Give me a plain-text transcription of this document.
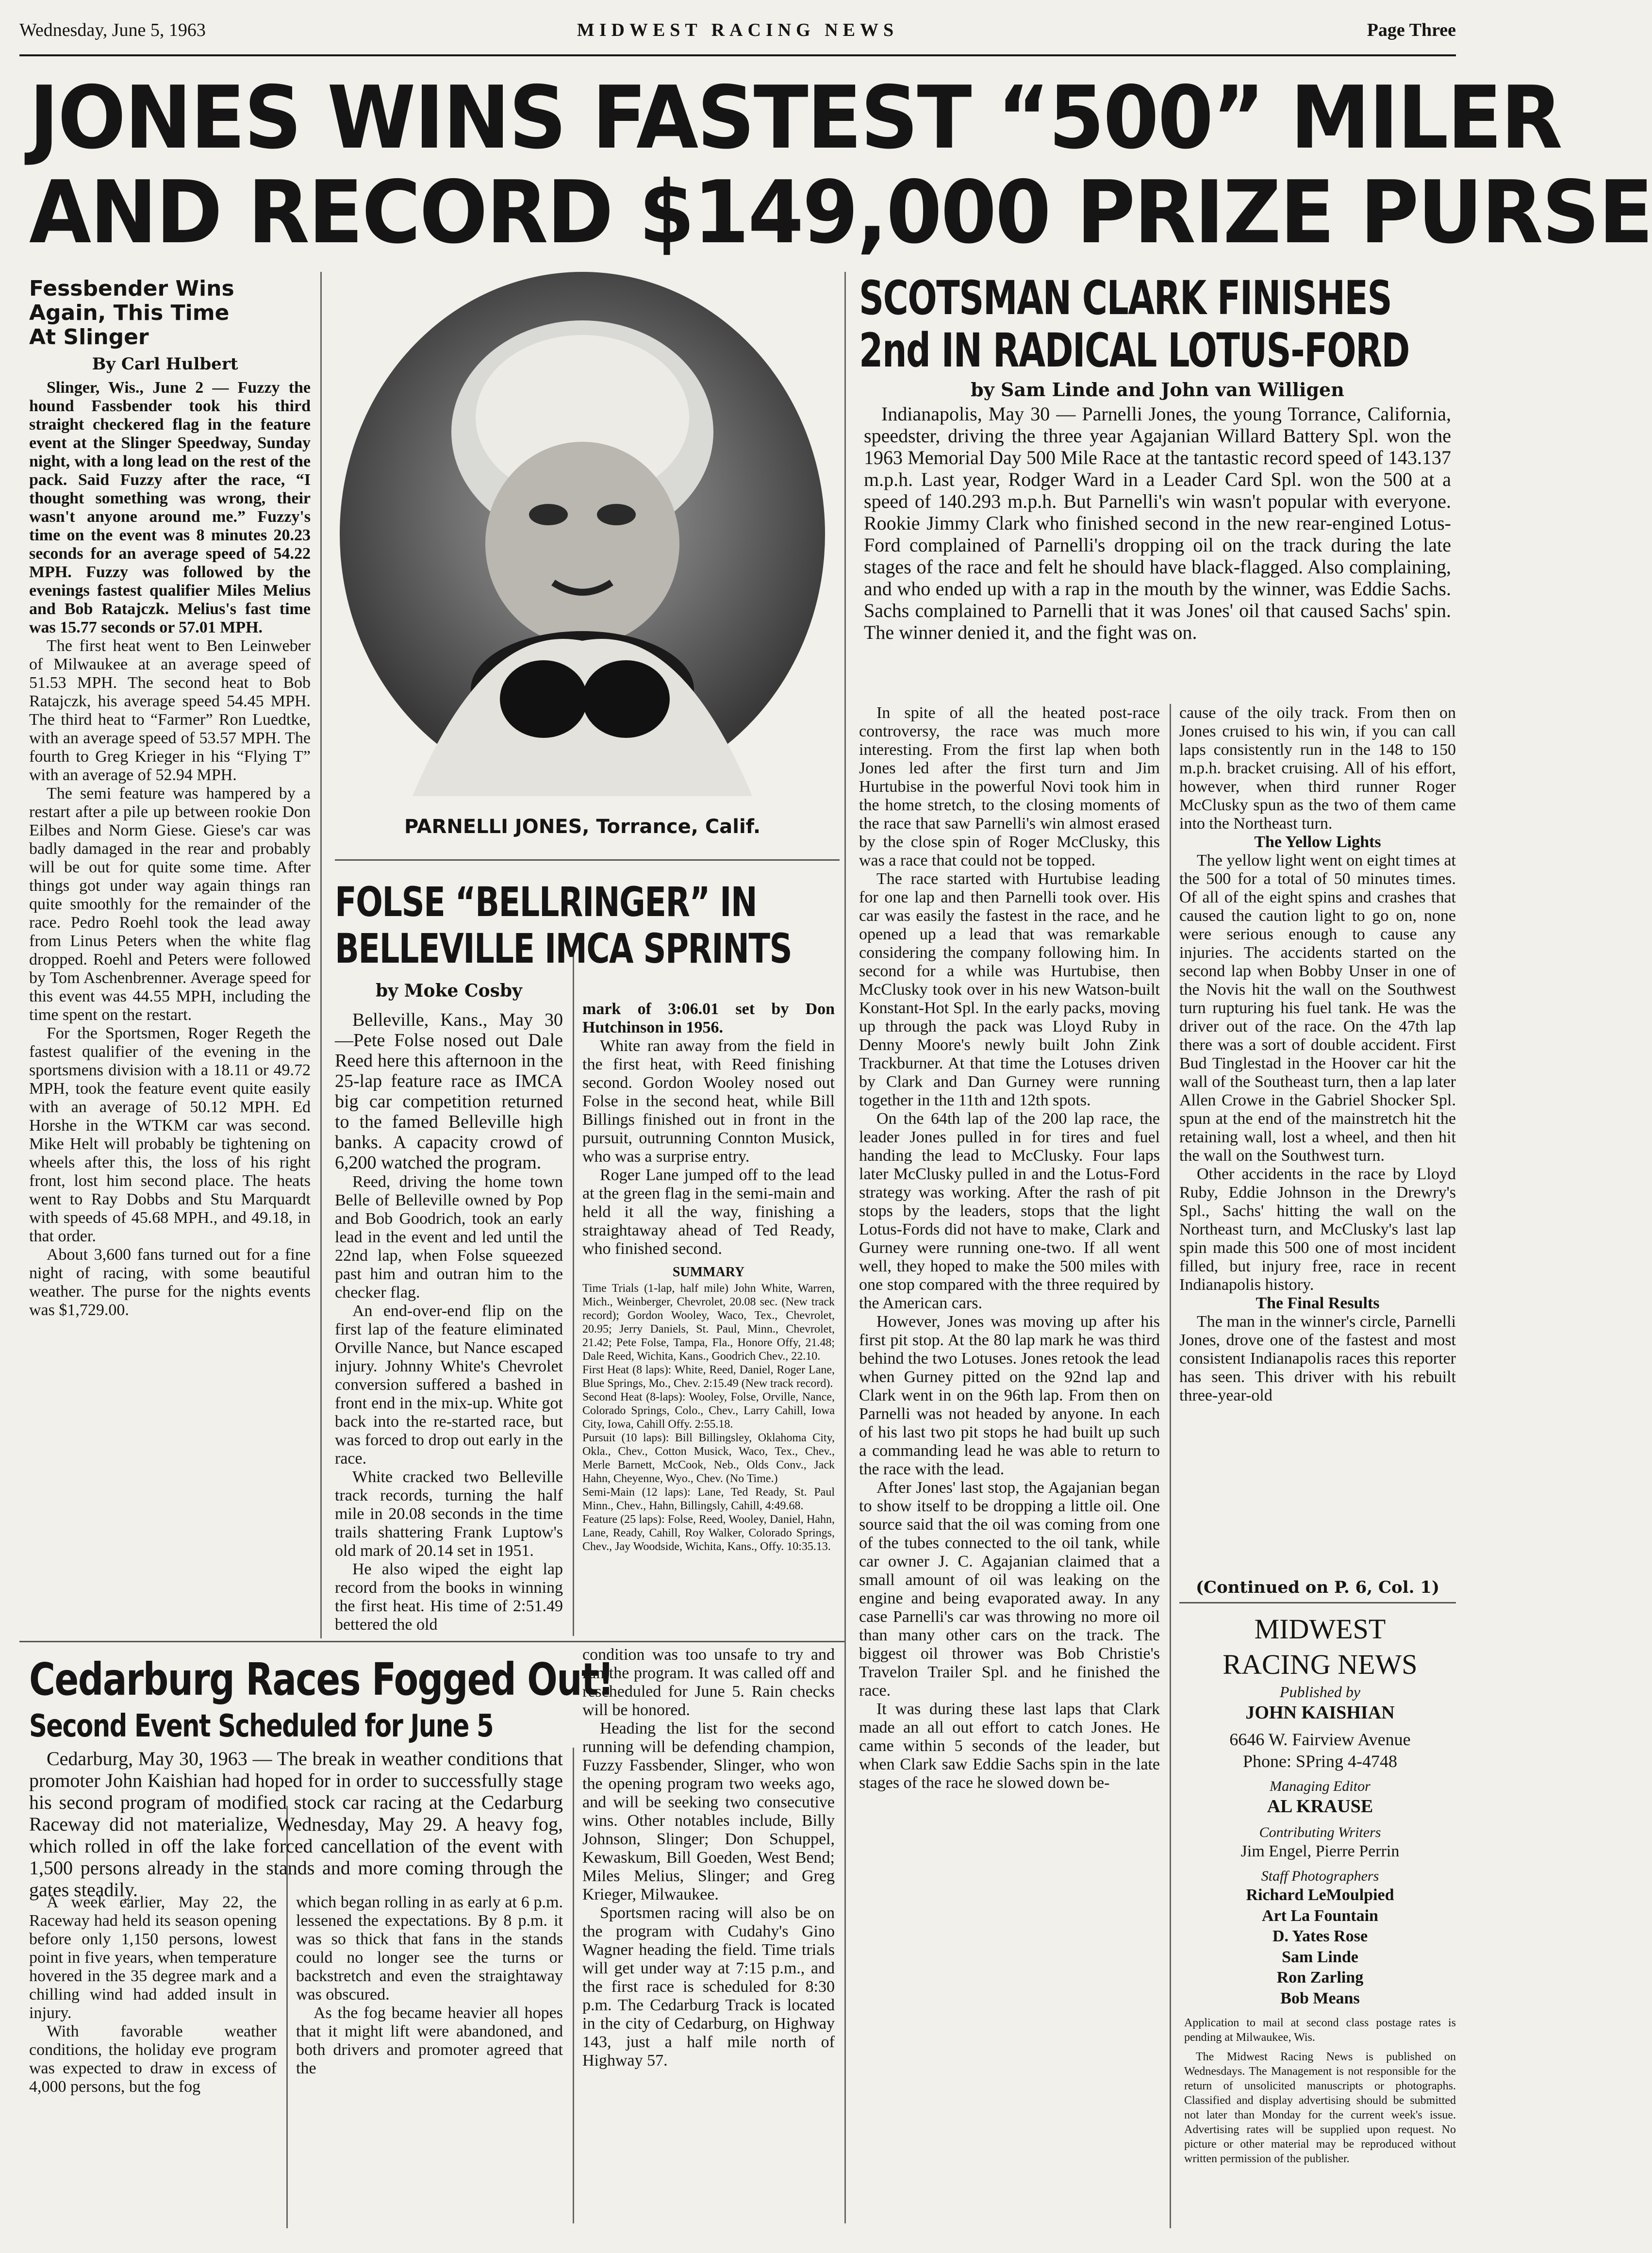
Wednesday, June 5, 1963	MIDWEST RACING NEWS	Page Three
JONES WINS FASTEST “500” MILER
AND RECORD $149,000 PRIZE PURSE
Fessbender Wins
Again, This Time
At Slinger
By Carl Hulbert

Slinger, Wis., June 2 — Fuzzy the hound Fassbender took his third straight checkered flag in the feature event at the Slinger Speedway, Sunday night, with a long lead on the rest of the pack. Said Fuzzy after the race, “I thought something was wrong, their wasn't anyone around me.” Fuzzy's time on the event was 8 minutes 20.23 seconds for an average speed of 54.22 MPH. Fuzzy was followed by the evenings fastest qualifier Miles Melius and Bob Ratajczk. Melius's fast time was 15.77 seconds or 57.01 MPH.

The first heat went to Ben Leinweber of Milwaukee at an average speed of 51.53 MPH. The second heat to Bob Ratajczk, his average speed 54.45 MPH. The third heat to “Farmer” Ron Luedtke, with an average speed of 53.57 MPH. The fourth to Greg Krieger in his “Flying T” with an average of 52.94 MPH.

The semi feature was hampered by a restart after a pile up between rookie Don Eilbes and Norm Giese. Giese's car was badly damaged in the rear and probably will be out for quite some time. After things got under way again things ran quite smoothly for the remainder of the race. Pedro Roehl took the lead away from Linus Peters when the white flag dropped. Roehl and Peters were followed by Tom Aschenbrenner. Average speed for this event was 44.55 MPH, including the time spent on the restart.

For the Sportsmen, Roger Regeth the fastest qualifier of the evening in the sportsmens division with a 18.11 or 49.72 MPH, took the feature event quite easily with an average of 50.12 MPH. Ed Horshe in the WTKM car was second. Mike Helt will probably be tightening on wheels after this, the loss of his right front, lost him second place. The heats went to Ray Dobbs and Stu Marquardt with speeds of 45.68 MPH., and 49.18, in that order.

About 3,600 fans turned out for a fine night of racing, with some beautiful weather. The purse for the nights events was $1,729.00.

PARNELLI JONES, Torrance, Calif.
FOLSE “BELLRINGER” IN
BELLEVILLE IMCA SPRINTS
by Moke Cosby

Belleville, Kans., May 30 —Pete Folse nosed out Dale Reed here this afternoon in the 25-lap feature race as IMCA big car competition returned to the famed Belleville high banks. A capacity crowd of 6,200 watched the program.

Reed, driving the home town Belle of Belleville owned by Pop and Bob Goodrich, took an early lead in the event and led until the 22nd lap, when Folse squeezed past him and outran him to the checker flag.

An end-over-end flip on the first lap of the feature eliminated Orville Nance, but Nance escaped injury. Johnny White's Chevrolet conversion suffered a bashed in front end in the mix-up. White got back into the re-started race, but was forced to drop out early in the race.

White cracked two Belleville track records, turning the half mile in 20.08 seconds in the time trails shattering Frank Luptow's old mark of 20.14 set in 1951.

He also wiped the eight lap record from the books in winning the first heat. His time of 2:51.49 bettered the old

mark of 3:06.01 set by Don Hutchinson in 1956.

White ran away from the field in the first heat, with Reed finishing second. Gordon Wooley nosed out Folse in the second heat, while Bill Billings finished out in front in the pursuit, outrunning Connton Musick, who was a surprise entry.

Roger Lane jumped off to the lead at the green flag in the semi-main and held it all the way, finishing a straightaway ahead of Ted Ready, who finished second.

SUMMARY
Time Trials (1-lap, half mile) John White, Warren, Mich., Weinberger, Chevrolet, 20.08 sec. (New track record); Gordon Wooley, Waco, Tex., Chevrolet, 20.95; Jerry Daniels, St. Paul, Minn., Chevrolet, 21.42; Pete Folse, Tampa, Fla., Honore Offy, 21.48; Dale Reed, Wichita, Kans., Goodrich Chev., 22.10.
First Heat (8 laps): White, Reed, Daniel, Roger Lane, Blue Springs, Mo., Chev. 2:15.49 (New track record).
Second Heat (8-laps): Wooley, Folse, Orville, Nance, Colorado Springs, Colo., Chev., Larry Cahill, Iowa City, Iowa, Cahill Offy. 2:55.18.
Pursuit (10 laps): Bill Billingsley, Oklahoma City, Okla., Chev., Cotton Musick, Waco, Tex., Chev., Merle Barnett, McCook, Neb., Olds Conv., Jack Hahn, Cheyenne, Wyo., Chev. (No Time.)
Semi-Main (12 laps): Lane, Ted Ready, St. Paul Minn., Chev., Hahn, Billingsly, Cahill, 4:49.68.
Feature (25 laps): Folse, Reed, Wooley, Daniel, Hahn, Lane, Ready, Cahill, Roy Walker, Colorado Springs, Chev., Jay Woodside, Wichita, Kans., Offy. 10:35.13.
SCOTSMAN CLARK FINISHES
2nd IN RADICAL LOTUS-FORD
by Sam Linde and John van Willigen

Indianapolis, May 30 — Parnelli Jones, the young Torrance, California, speedster, driving the three year Agajanian Willard Battery Spl. won the 1963 Memorial Day 500 Mile Race at the tantastic record speed of 143.137 m.p.h. Last year, Rodger Ward in a Leader Card Spl. won the 500 at a speed of 140.293 m.p.h. But Parnelli's win wasn't popular with everyone. Rookie Jimmy Clark who finished second in the new rear-engined Lotus-Ford complained of Parnelli's dropping oil on the track during the late stages of the race and felt he should have black-flagged. Also complaining, and who ended up with a rap in the mouth by the winner, was Eddie Sachs. Sachs complained to Parnelli that it was Jones' oil that caused Sachs' spin. The winner denied it, and the fight was on.

In spite of all the heated post-race controversy, the race was much more interesting. From the first lap when both Jones led after the first turn and Jim Hurtubise in the powerful Novi took him in the home stretch, to the closing moments of the race that saw Parnelli's win almost erased by the close spin of Roger McClusky, this was a race that could not be topped.

The race started with Hurtubise leading for one lap and then Parnelli took over. His car was easily the fastest in the race, and he opened up a lead that was remarkable considering the company following him. In second for a while was Hurtubise, then McClusky took over in his new Watson-built Konstant-Hot Spl. In the early packs, moving up through the pack was Lloyd Ruby in Denny Moore's newly built John Zink Trackburner. At that time the Lotuses driven by Clark and Dan Gurney were running together in the 11th and 12th spots.

On the 64th lap of the 200 lap race, the leader Jones pulled in for tires and fuel handing the lead to McClusky. Four laps later McClusky pulled in and the Lotus-Ford strategy was working. After the rash of pit stops by the leaders, stops that the light Lotus-Fords did not have to make, Clark and Gurney were running one-two. If all went well, they hoped to make the 500 miles with one stop compared with the three required by the American cars.

However, Jones was moving up after his first pit stop. At the 80 lap mark he was third behind the two Lotuses. Jones retook the lead when Gurney pitted on the 92nd lap and Clark went in on the 96th lap. From then on Parnelli was not headed by anyone. In each of his last two pit stops he had built up such a commanding lead he was able to return to the race with the lead.

After Jones' last stop, the Agajanian began to show itself to be dropping a little oil. One source said that the oil was coming from one of the tubes connected to the oil tank, while car owner J. C. Agajanian claimed that a small amount of oil was leaking on the engine and being evaporated away. In any case Parnelli's car was throwing no more oil than many other cars on the track. The biggest oil thrower was Bob Christie's Travelon Trailer Spl. and he finished the race.

It was during these last laps that Clark made an all out effort to catch Jones. He came within 5 seconds of the leader, but when Clark saw Eddie Sachs spin in the late stages of the race he slowed down be-

cause of the oily track. From then on Jones cruised to his win, if you can call laps consistently run in the 148 to 150 m.p.h. bracket cruising. All of his effort, however, when third runner Roger McClusky spun as the two of them came into the Northeast turn.

The Yellow Lights

The yellow light went on eight times at the 500 for a total of 50 minutes times. Of all of the eight spins and crashes that caused the caution light to go on, none were serious enough to cause any injuries. The accidents started on the second lap when Bobby Unser in one of the Novis hit the wall on the Southwest turn rupturing his fuel tank. He was the driver out of the race. On the 47th lap there was a sort of double accident. First Bud Tinglestad in the Hoover car hit the wall of the Southeast turn, then a lap later Allen Crowe in the Gabriel Shocker Spl. spun at the end of the mainstretch hit the retaining wall, lost a wheel, and then hit the wall on the Southwest turn.

Other accidents in the race by Lloyd Ruby, Eddie Johnson in the Drewry's Spl., Sachs' hitting the wall on the Northeast turn, and McClusky's last lap spin made this 500 one of most incident filled, but injury free, race in recent Indianapolis history.

The Final Results

The man in the winner's circle, Parnelli Jones, drove one of the fastest and most consistent Indianapolis races this reporter has seen. This driver with his rebuilt three-year-old

(Continued on P. 6, Col. 1)
MIDWEST
RACING NEWS
Published by
JOHN KAISHIAN
6646 W. Fairview Avenue
Phone: SPring 4-4748
Managing Editor
AL KRAUSE
Contributing Writers
Jim Engel, Pierre Perrin
Staff Photographers
Richard LeMoulpied
Art La Fountain
D. Yates Rose
Sam Linde
Ron Zarling
Bob Means
Application to mail at second class postage rates is pending at Milwaukee, Wis.
The Midwest Racing News is published on Wednesdays. The Management is not responsible for the return of unsolicited manuscripts or photographs. Classified and display advertising should be submitted not later than Monday for the current week's issue. Advertising rates will be supplied upon request. No picture or other material may be reproduced without written permission of the publisher.
Cedarburg Races Fogged Out!
Second Event Scheduled for June 5

Cedarburg, May 30, 1963 — The break in weather conditions that promoter John Kaishian had hoped for in order to successfully stage his second program of modified stock car racing at the Cedarburg Raceway did not materialize, Wednesday, May 29. A heavy fog, which rolled in off the lake forced cancellation of the event with 1,500 persons already in the stands and more coming through the gates steadily.

A week earlier, May 22, the Raceway had held its season opening before only 1,150 persons, lowest point in five years, when temperature hovered in the 35 degree mark and a chilling wind had added insult in injury.

With favorable weather conditions, the holiday eve program was expected to draw in excess of 4,000 persons, but the fog

which began rolling in as early at 6 p.m. lessened the expectations. By 8 p.m. it was so thick that fans in the stands could no longer see the turns or backstretch and even the straightaway was obscured.

As the fog became heavier all hopes that it might lift were abandoned, and both drivers and promoter agreed that the

condition was too unsafe to try and run the program. It was called off and rescheduled for June 5. Rain checks will be honored.

Heading the list for the second running will be defending champion, Fuzzy Fassbender, Slinger, who won the opening program two weeks ago, and will be seeking two consecutive wins. Other notables include, Billy Johnson, Slinger; Don Schuppel, Kewaskum, Bill Goeden, West Bend; Miles Melius, Slinger; and Greg Krieger, Milwaukee.

Sportsmen racing will also be on the program with Cudahy's Gino Wagner heading the field. Time trials will get under way at 7:15 p.m., and the first race is scheduled for 8:30 p.m. The Cedarburg Track is located in the city of Cedarburg, on Highway 143, just a half mile north of Highway 57.
